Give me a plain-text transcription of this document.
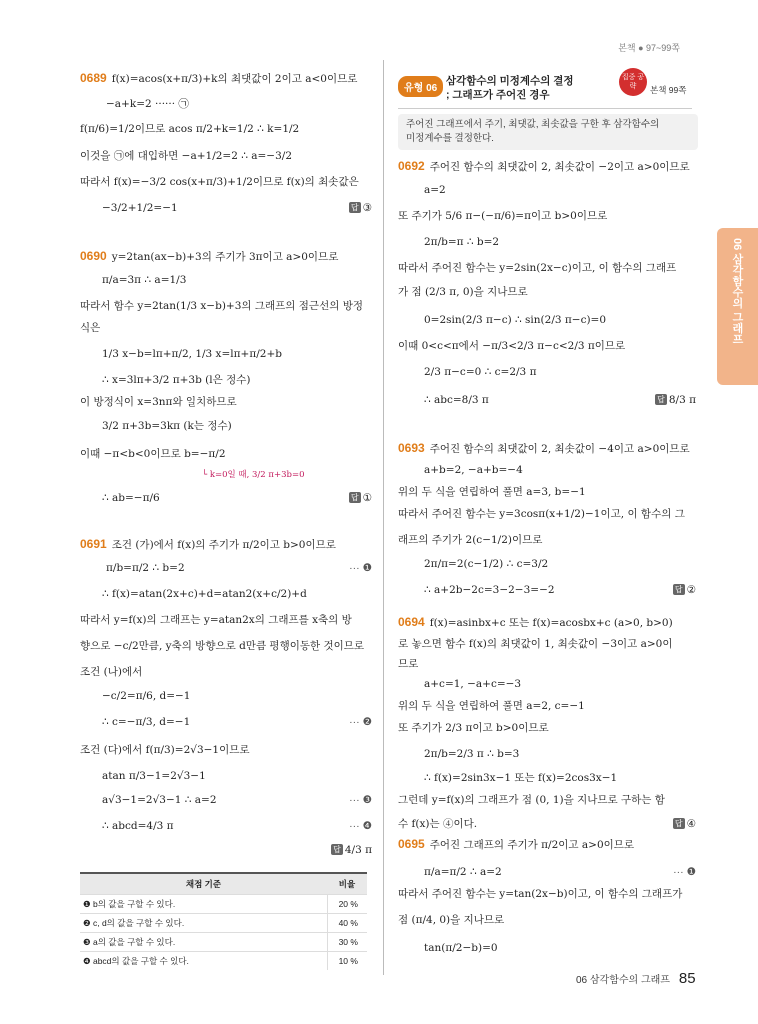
본책 ● 97~99쪽
06 삼각함수의 그래프
0689 f(x)=acos(x+π/3)+k의 최댓값이 2이고 a<0이므로
−a+k=2 ······ ㉠
f(π/6)=1/2이므로 acos π/2+k=1/2 ∴ k=1/2
이것을 ㉠에 대입하면 −a+1/2=2 ∴ a=−3/2
따라서 f(x)=−3/2 cos(x+π/3)+1/2이므로 f(x)의 최솟값은
−3/2+1/2=−1	답 ③
0690 y=2tan(ax−b)+3의 주기가 3π이고 a>0이므로
π/a=3π ∴ a=1/3
따라서 함수 y=2tan(1/3 x−b)+3의 그래프의 점근선의 방정
식은
1/3 x−b=lπ+π/2, 1/3 x=lπ+π/2+b
∴ x=3lπ+3/2 π+3b (l은 정수)
이 방정식이 x=3nπ와 일치하므로
3/2 π+3b=3kπ (k는 정수)
이때 −π<b<0이므로 b=−π/2
└ k=0일 때, 3/2 π+3b=0
∴ ab=−π/6	답 ①
0691 조건 (가)에서 f(x)의 주기가 π/2이고 b>0이므로
π/b=π/2 ∴ b=2	··· ❶
∴ f(x)=atan(2x+c)+d=atan2(x+c/2)+d
따라서 y=f(x)의 그래프는 y=atan2x의 그래프를 x축의 방
향으로 −c/2만큼, y축의 방향으로 d만큼 평행이동한 것이므로
조건 (나)에서
−c/2=π/6, d=−1
∴ c=−π/3, d=−1	··· ❷
조건 (다)에서 f(π/3)=2√3−1이므로
atan π/3−1=2√3−1
a√3−1=2√3−1 ∴ a=2	··· ❸
∴ abcd=4/3 π	··· ❹
답 4/3 π
유형 06
삼각함수의 미정계수의 결정
; 그래프가 주어진 경우
집중 공략	본책 99쪽
주어진 그래프에서 주기, 최댓값, 최솟값을 구한 후 삼각함수의
미정계수를 결정한다.
0692 주어진 함수의 최댓값이 2, 최솟값이 −2이고 a>0이므로
a=2
또 주기가 5/6 π−(−π/6)=π이고 b>0이므로
2π/b=π ∴ b=2
따라서 주어진 함수는 y=2sin(2x−c)이고, 이 함수의 그래프
가 점 (2/3 π, 0)을 지나므로
0=2sin(2/3 π−c) ∴ sin(2/3 π−c)=0
이때 0<c<π에서 −π/3<2/3 π−c<2/3 π이므로
2/3 π−c=0 ∴ c=2/3 π
∴ abc=8/3 π	답 8/3 π
0693 주어진 함수의 최댓값이 2, 최솟값이 −4이고 a>0이므로
a+b=2, −a+b=−4
위의 두 식을 연립하여 풀면 a=3, b=−1
따라서 주어진 함수는 y=3cosπ(x+1/2)−1이고, 이 함수의 그
래프의 주기가 2(c−1/2)이므로
2π/π=2(c−1/2) ∴ c=3/2
∴ a+2b−2c=3−2−3=−2	답 ②
0694 f(x)=asinbx+c 또는 f(x)=acosbx+c (a>0, b>0)
로 놓으면 함수 f(x)의 최댓값이 1, 최솟값이 −3이고 a>0이
므로
a+c=1, −a+c=−3
위의 두 식을 연립하여 풀면 a=2, c=−1
또 주기가 2/3 π이고 b>0이므로
2π/b=2/3 π ∴ b=3
∴ f(x)=2sin3x−1 또는 f(x)=2cos3x−1
그런데 y=f(x)의 그래프가 점 (0, 1)을 지나므로 구하는 함
수 f(x)는 ④이다.	답 ④
0695 주어진 그래프의 주기가 π/2이고 a>0이므로
π/a=π/2 ∴ a=2	··· ❶
따라서 주어진 함수는 y=tan(2x−b)이고, 이 함수의 그래프가
점 (π/4, 0)을 지나므로
tan(π/2−b)=0
채점 기준	비율
❶ b의 값을 구할 수 있다.	20 %
❷ c, d의 값을 구할 수 있다.	40 %
❸ a의 값을 구할 수 있다.	30 %
❹ abcd의 값을 구할 수 있다.	10 %
06 삼각함수의 그래프 85
